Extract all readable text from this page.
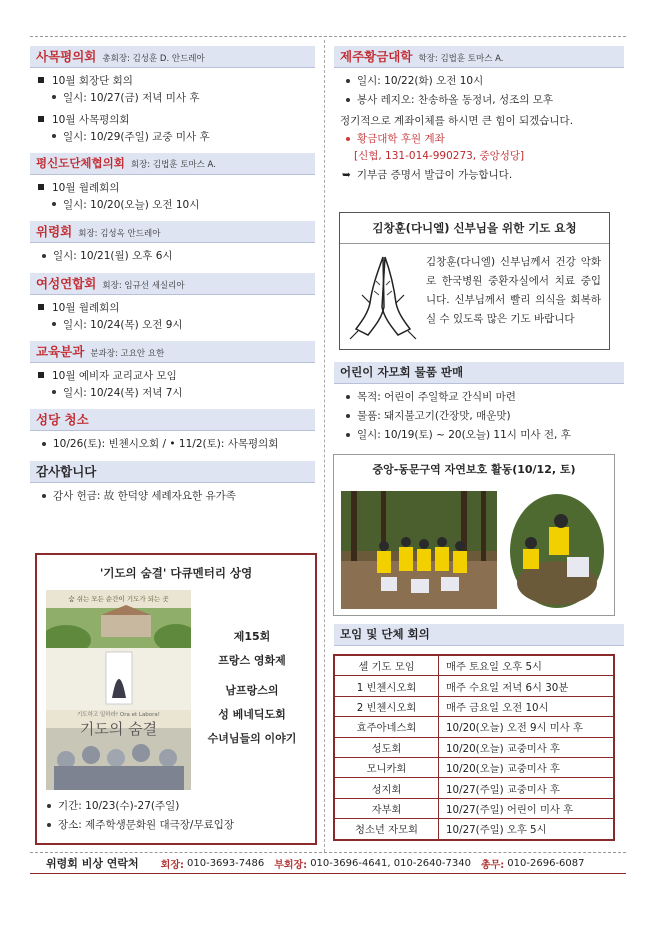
사목평의회 총회장: 김성훈 D. 안드레아
10월 회장단 회의
일시: 10/27(금) 저녁 미사 후
10월 사목평의회
일시: 10/29(주일) 교중 미사 후
평신도단체협의회 회장: 김법훈 토마스 A.
10월 월례회의
일시: 10/20(오늘) 오전 10시
위령회 회장: 김성옥 안드레아
일시: 10/21(월) 오후 6시
여성연합회 회장: 임규선 세실리아
10월 월례회의
일시: 10/24(목) 오전 9시
교육분과 분과장: 고요안 요한
10월 예비자 교리교사 모임
일시: 10/24(목) 저녁 7시
성당 청소
10/26(토): 빈첸시오회 / • 11/2(토): 사목평의회
감사합니다
감사 헌금: 故 한덕양 세례자요한 유가족
'기도의 숨결' 다큐멘터리 상영
숨 쉬는 모든 순간이 기도가 되는 곳
기도하고 일하라! Ora et Labora!
기도의 숨결
제15회
프랑스 영화제
남프랑스의
성 베네딕도회
수녀님들의 이야기
기간: 10/23(수)-27(주일)
장소: 제주학생문화원 대극장/무료입장
제주황금대학 학장: 김법훈 토마스 A.
일시: 10/22(화) 오전 10시
봉사 레지오: 찬송하올 동정녀, 성조의 모후
정기적으로 계좌이체를 하시면 큰 힘이 되겠습니다.
황금대학 후원 계좌
[신협, 131-014-990273, 중앙성당]
➥ 기부금 증명서 발급이 가능합니다.
김창훈(다니엘) 신부님을 위한 기도 요청
김창훈(다니엘) 신부님께서 건강 악화로 한국병원 중환자실에서 치료 중입니다. 신부님께서 빨리 의식을 회복하실 수 있도록 많은 기도 바랍니다
어린이 자모회 물품 판매
목적: 어린이 주일학교 간식비 마련
물품: 돼지불고기(간장맛, 매운맛)
일시: 10/19(토) ~ 20(오늘) 11시 미사 전, 후
중앙-동문구역 자연보호 활동(10/12, 토)
모임 및 단체 회의
셀 기도 모임	매주 토요일 오후 5시
1 빈첸시오회	매주 수요일 저녁 6시 30분
2 빈첸시오회	매주 금요일 오전 10시
효주아네스회	10/20(오늘) 오전 9시 미사 후
성도회	10/20(오늘) 교중미사 후
모니카회	10/20(오늘) 교중미사 후
성지회	10/27(주일) 교중미사 후
자부회	10/27(주일) 어린이 미사 후
청소년 자모회	10/27(주일) 오후 5시
위령회 비상 연락처 회장: 010-3693-7486 부회장: 010-3696-4641, 010-2640-7340 총무: 010-2696-6087
